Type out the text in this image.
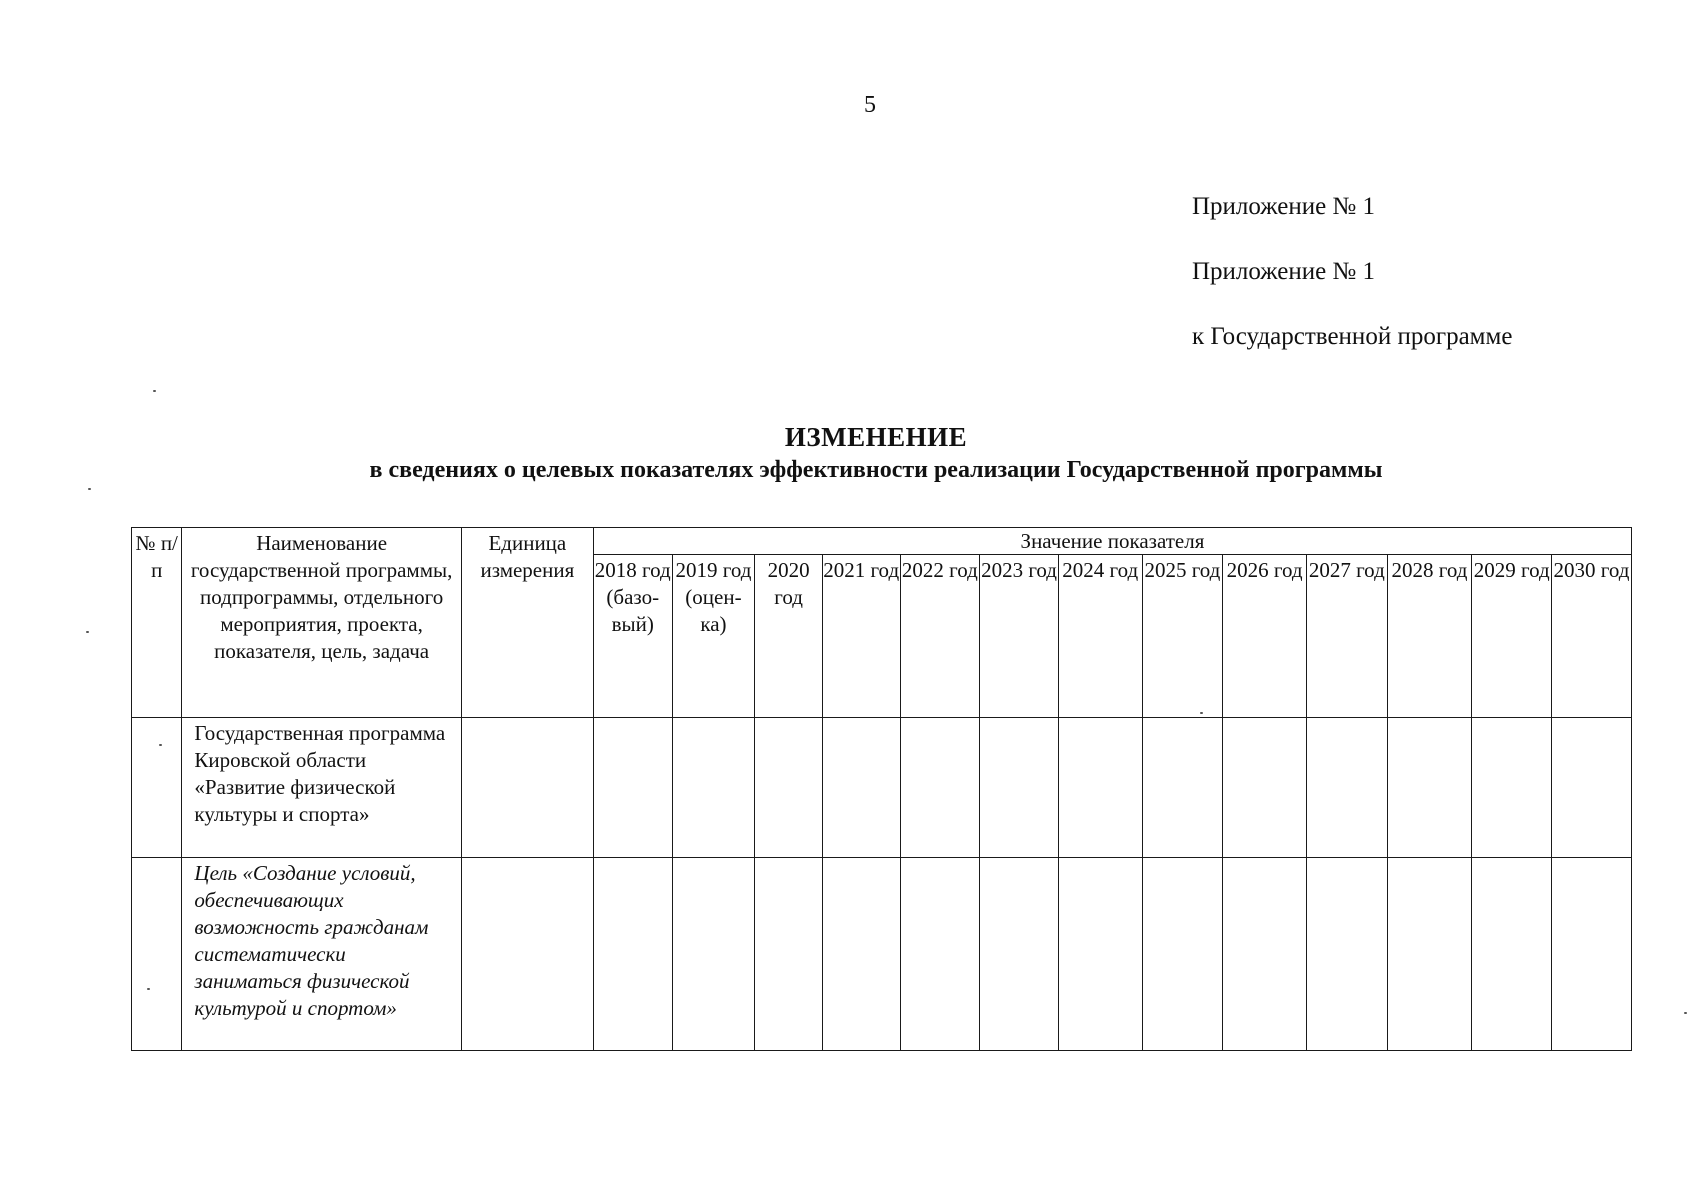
5
Приложение № 1
Приложение № 1
к Государственной программе
ИЗМЕНЕНИЕ
в сведениях о целевых показателях эффективности реализации Государственной программы
№ п/п	Наименование государственной программы, подпрограммы, отдельного мероприятия, проекта, показателя, цель, задача	Единица измерения	Значение показателя												
			2018 год (базо-вый)	2019 год (оцен-ка)	2020 год	2021 год	2022 год	2023 год	2024 год	2025 год	2026 год	2027 год	2028 год	2029 год	2030 год
	Государственная программа Кировской области «Развитие физической культуры и спорта»														
	Цель «Создание условий, обеспечивающих возможность гражданам систематически заниматься физической культурой и спортом»														
